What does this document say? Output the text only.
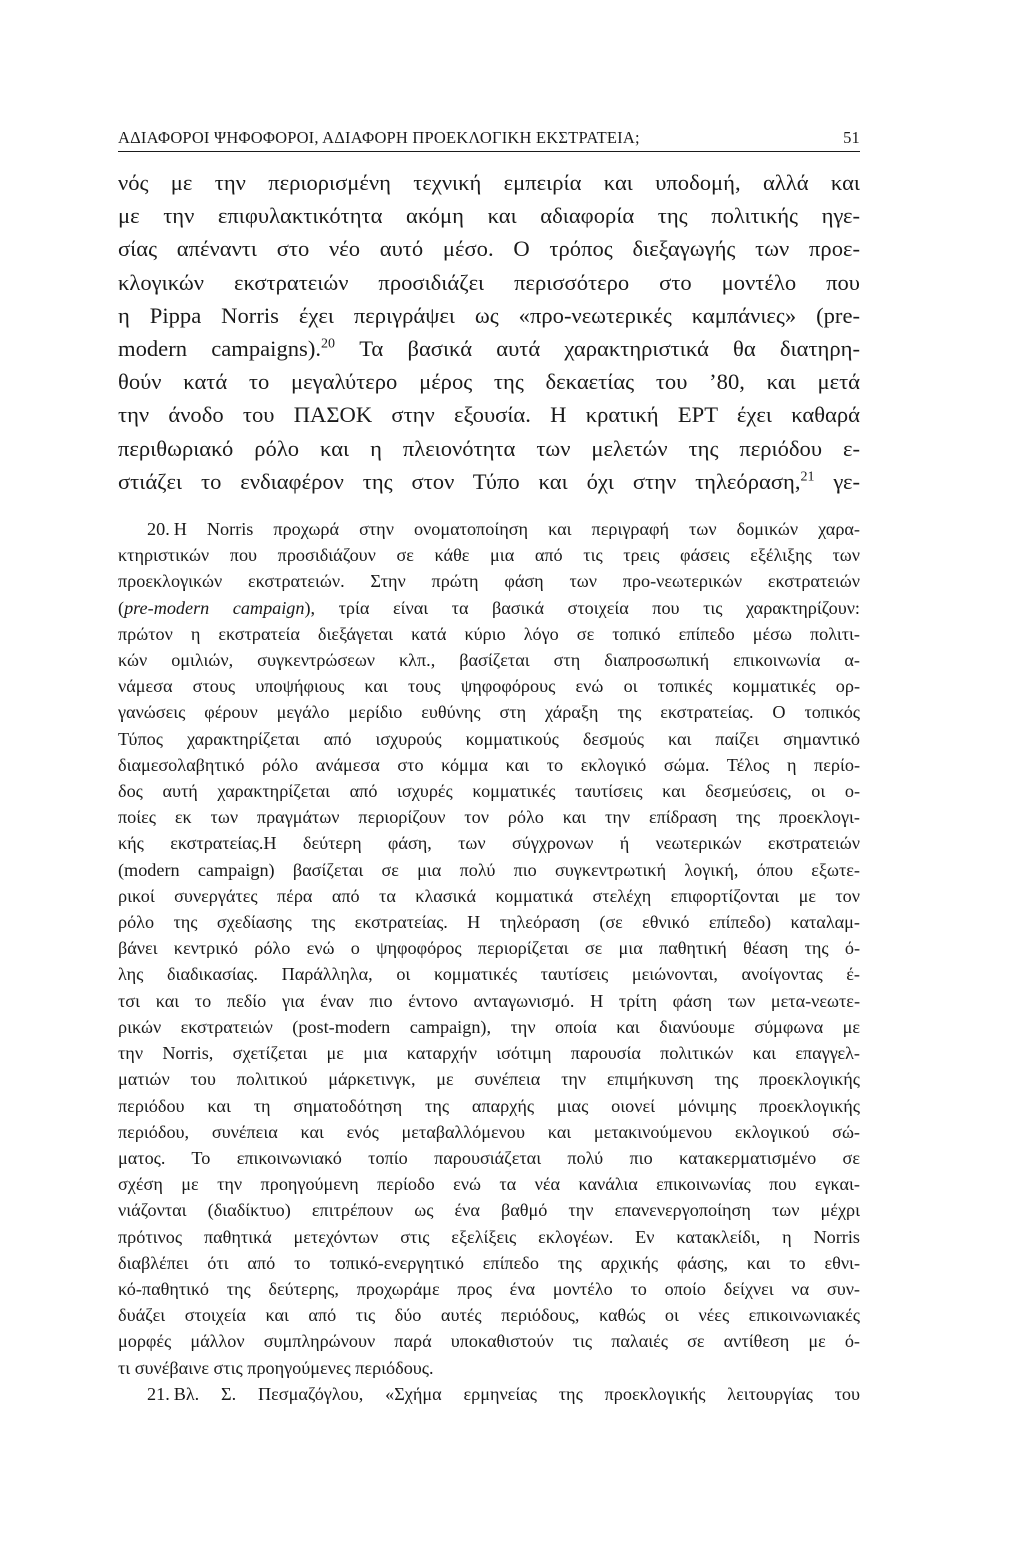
ΑΔΙΑΦΟΡΟΙ ΨΗΦΟΦΟΡΟΙ, ΑΔΙΑΦΟΡΗ ΠΡΟΕΚΛΟΓΙΚΗ ΕΚΣΤΡΑΤΕΙΑ;	51
νός με την περιορισμένη τεχνική εμπειρία και υποδομή, αλλά και
με την επιφυλακτικότητα ακόμη και αδιαφορία της πολιτικής ηγε-
σίας απέναντι στο νέο αυτό μέσο. Ο τρόπος διεξαγωγής των προε-
κλογικών εκστρατειών προσιδιάζει περισσότερο στο μοντέλο που
η Pippa Norris έχει περιγράψει ως «προ-νεωτερικές καμπάνιες» (pre-
modern campaigns).$^{20}$ Τα βασικά αυτά χαρακτηριστικά θα διατηρη-
θούν κατά το μεγαλύτερο μέρος της δεκαετίας του ’80, και μετά
την άνοδο του ΠΑΣΟΚ στην εξουσία. Η κρατική ΕΡΤ έχει καθαρά
περιθωριακό ρόλο και η πλειονότητα των μελετών της περιόδου ε-
στιάζει το ενδιαφέρον της στον Τύπο και όχι στην τηλεόραση,$^{21}$ γε-
20. Η Norris προχωρά στην ονοματοποίηση και περιγραφή των δομικών χαρα-
κτηριστικών που προσιδιάζουν σε κάθε μια από τις τρεις φάσεις εξέλιξης των
προεκλογικών εκστρατειών. Στην πρώτη φάση των προ-νεωτερικών εκστρατειών
(pre-modern campaign), τρία είναι τα βασικά στοιχεία που τις χαρακτηρίζουν:
πρώτον η εκστρατεία διεξάγεται κατά κύριο λόγο σε τοπικό επίπεδο μέσω πολιτι-
κών ομιλιών, συγκεντρώσεων κλπ., βασίζεται στη διαπροσωπική επικοινωνία α-
νάμεσα στους υποψήφιους και τους ψηφοφόρους ενώ οι τοπικές κομματικές ορ-
γανώσεις φέρουν μεγάλο μερίδιο ευθύνης στη χάραξη της εκστρατείας. Ο τοπικός
Τύπος χαρακτηρίζεται από ισχυρούς κομματικούς δεσμούς και παίζει σημαντικό
διαμεσολαβητικό ρόλο ανάμεσα στο κόμμα και το εκλογικό σώμα. Τέλος η περίο-
δος αυτή χαρακτηρίζεται από ισχυρές κομματικές ταυτίσεις και δεσμεύσεις, οι ο-
ποίες εκ των πραγμάτων περιορίζουν τον ρόλο και την επίδραση της προεκλογι-
κής εκστρατείας.Η δεύτερη φάση, των σύγχρονων ή νεωτερικών εκστρατειών
(modern campaign) βασίζεται σε μια πολύ πιο συγκεντρωτική λογική, όπου εξωτε-
ρικοί συνεργάτες πέρα από τα κλασικά κομματικά στελέχη επιφορτίζονται με τον
ρόλο της σχεδίασης της εκστρατείας. Η τηλεόραση (σε εθνικό επίπεδο) καταλαμ-
βάνει κεντρικό ρόλο ενώ ο ψηφοφόρος περιορίζεται σε μια παθητική θέαση της ό-
λης διαδικασίας. Παράλληλα, οι κομματικές ταυτίσεις μειώνονται, ανοίγοντας έ-
τσι και το πεδίο για έναν πιο έντονο ανταγωνισμό. Η τρίτη φάση των μετα-νεωτε-
ρικών εκστρατειών (post-modern campaign), την οποία και διανύουμε σύμφωνα με
την Norris, σχετίζεται με μια καταρχήν ισότιμη παρουσία πολιτικών και επαγγελ-
ματιών του πολιτικού μάρκετινγκ, με συνέπεια την επιμήκυνση της προεκλογικής
περιόδου και τη σηματοδότηση της απαρχής μιας οιονεί μόνιμης προεκλογικής
περιόδου, συνέπεια και ενός μεταβαλλόμενου και μετακινούμενου εκλογικού σώ-
ματος. Το επικοινωνιακό τοπίο παρουσιάζεται πολύ πιο κατακερματισμένο σε
σχέση με την προηγούμενη περίοδο ενώ τα νέα κανάλια επικοινωνίας που εγκαι-
νιάζονται (διαδίκτυο) επιτρέπουν ως ένα βαθμό την επανενεργοποίηση των μέχρι
πρότινος παθητικά μετεχόντων στις εξελίξεις εκλογέων. Εν κατακλείδι, η Norris
διαβλέπει ότι από το τοπικό-ενεργητικό επίπεδο της αρχικής φάσης, και το εθνι-
κό-παθητικό της δεύτερης, προχωράμε προς ένα μοντέλο το οποίο δείχνει να συν-
δυάζει στοιχεία και από τις δύο αυτές περιόδους, καθώς οι νέες επικοινωνιακές
μορφές μάλλον συμπληρώνουν παρά υποκαθιστούν τις παλαιές σε αντίθεση με ό-
τι συνέβαινε στις προηγούμενες περιόδους.
21. Βλ. Σ. Πεσμαζόγλου, «Σχήμα ερμηνείας της προεκλογικής λειτουργίας του
